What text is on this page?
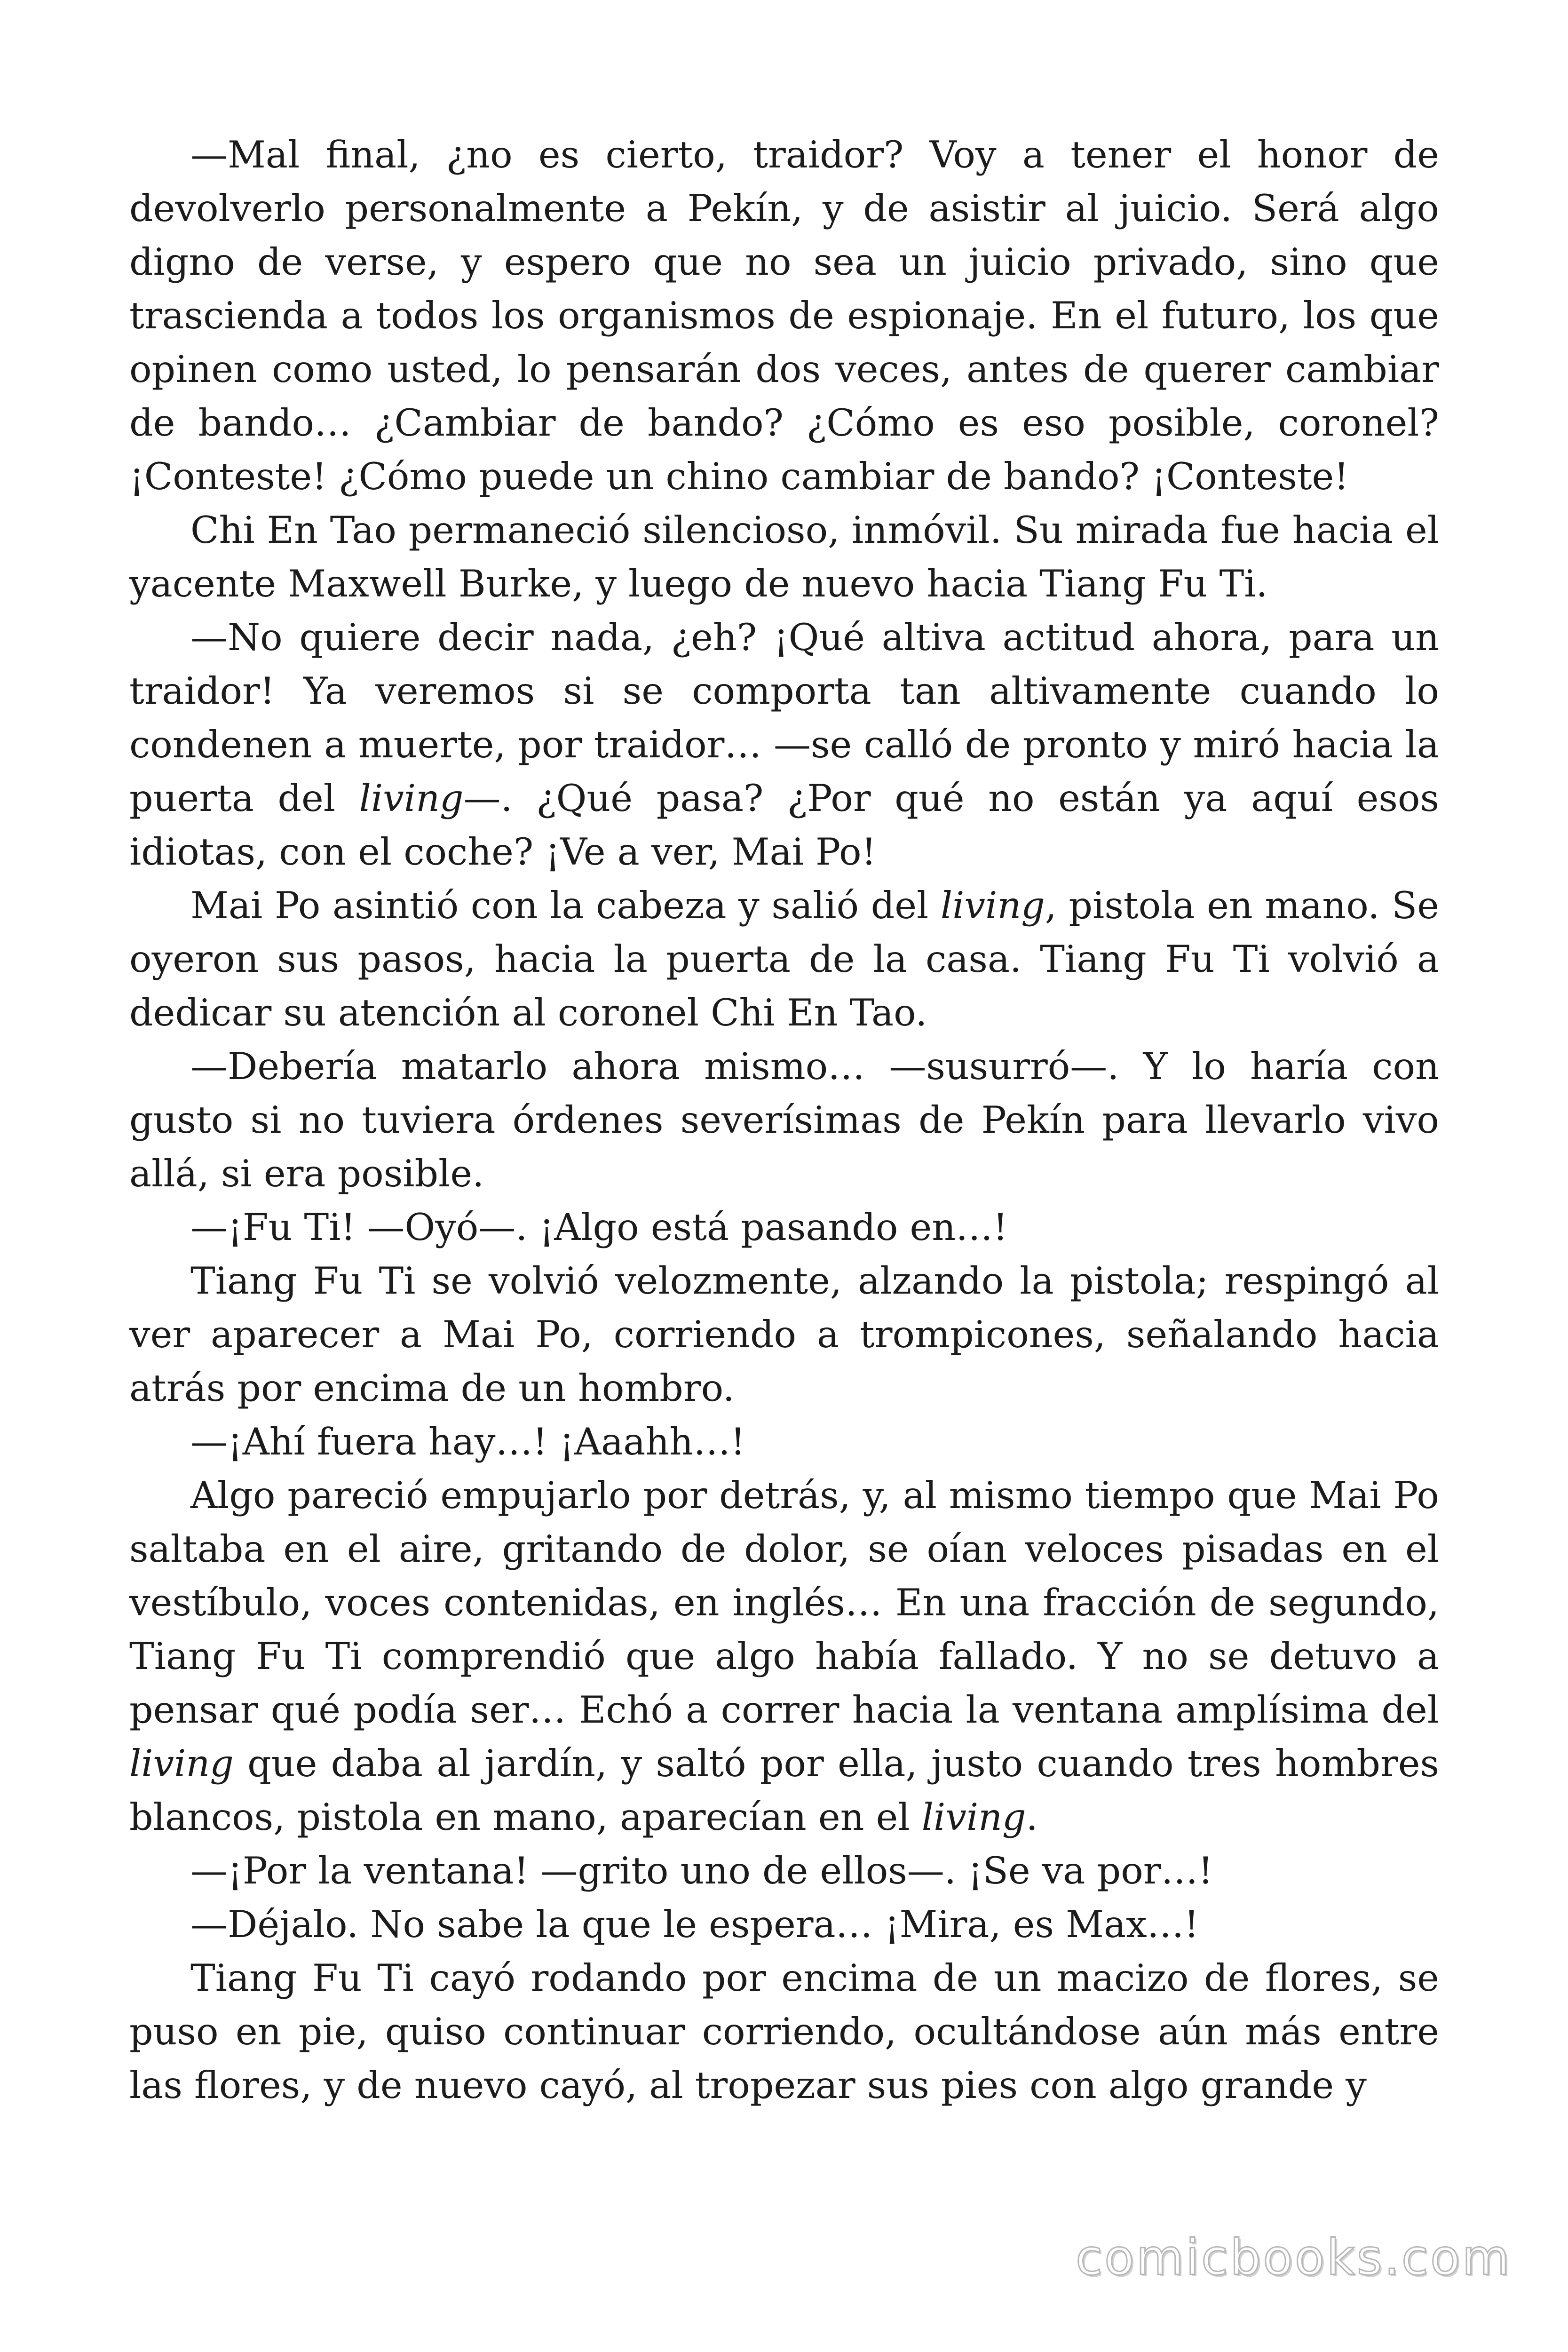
—Mal final, ¿no es cierto, traidor? Voy a tener el honor de devolverlo personalmente a Pekín, y de asistir al juicio. Será algo digno de verse, y espero que no sea un juicio privado, sino que trascienda a todos los organismos de espionaje. En el futuro, los que opinen como usted, lo pensarán dos veces, antes de querer cambiar de bando… ¿Cambiar de bando? ¿Cómo es eso posible, coronel? ¡Conteste! ¿Cómo puede un chino cambiar de bando? ¡Conteste!

Chi En Tao permaneció silencioso, inmóvil. Su mirada fue hacia el yacente Maxwell Burke, y luego de nuevo hacia Tiang Fu Ti.

—No quiere decir nada, ¿eh? ¡Qué altiva actitud ahora, para un traidor! Ya veremos si se comporta tan altivamente cuando lo condenen a muerte, por traidor… —se calló de pronto y miró hacia la puerta del living—. ¿Qué pasa? ¿Por qué no están ya aquí esos idiotas, con el coche? ¡Ve a ver, Mai Po!

Mai Po asintió con la cabeza y salió del living, pistola en mano. Se oyeron sus pasos, hacia la puerta de la casa. Tiang Fu Ti volvió a dedicar su atención al coronel Chi En Tao.

—Debería matarlo ahora mismo… —susurró—. Y lo haría con gusto si no tuviera órdenes severísimas de Pekín para llevarlo vivo allá, si era posible.

—¡Fu Ti! —Oyó—. ¡Algo está pasando en…!

Tiang Fu Ti se volvió velozmente, alzando la pistola; respingó al ver aparecer a Mai Po, corriendo a trompicones, señalando hacia atrás por encima de un hombro.

—¡Ahí fuera hay…! ¡Aaahh…!

Algo pareció empujarlo por detrás, y, al mismo tiempo que Mai Po saltaba en el aire, gritando de dolor, se oían veloces pisadas en el vestíbulo, voces contenidas, en inglés… En una fracción de segundo, Tiang Fu Ti comprendió que algo había fallado. Y no se detuvo a pensar qué podía ser… Echó a correr hacia la ventana amplísima del living que daba al jardín, y saltó por ella, justo cuando tres hombres blancos, pistola en mano, aparecían en el living.

—¡Por la ventana! —grito uno de ellos—. ¡Se va por…!

—Déjalo. No sabe la que le espera… ¡Mira, es Max…!

Tiang Fu Ti cayó rodando por encima de un macizo de flores, se puso en pie, quiso continuar corriendo, ocultándose aún más entre las flores, y de nuevo cayó, al tropezar sus pies con algo grande y

comicbooks.com
